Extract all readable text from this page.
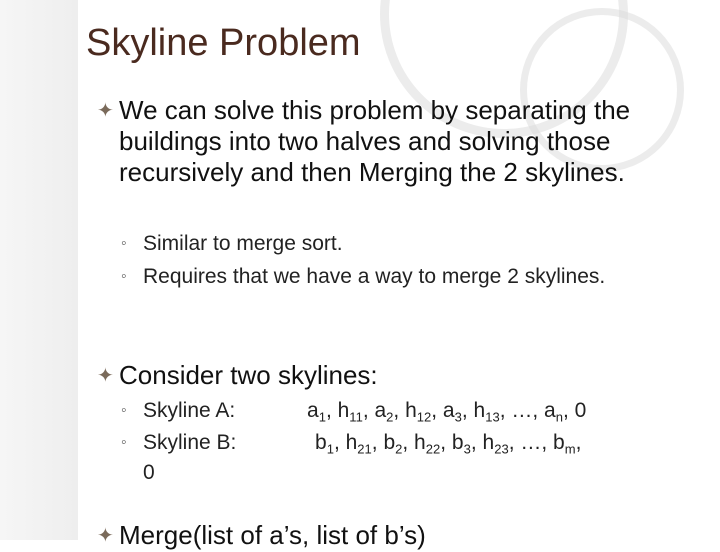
Skyline Problem
✦ We can solve this problem by separating the buildings into two halves and solving those recursively and then Merging the 2 skylines.
◦ Similar to merge sort.
◦ Requires that we have a way to merge 2 skylines.
✦ Consider two skylines:
◦ Skyline A:	$a_1$, $h_{11}$, $a_2$, $h_{12}$, $a_3$, $h_{13}$, …, $a_n$, 0
◦ Skyline B:
0
$b_1$, $h_{21}$, $b_2$, $h_{22}$, $b_3$, $h_{23}$, …, $b_m$,
✦ Merge(list of a’s, list of b’s)
